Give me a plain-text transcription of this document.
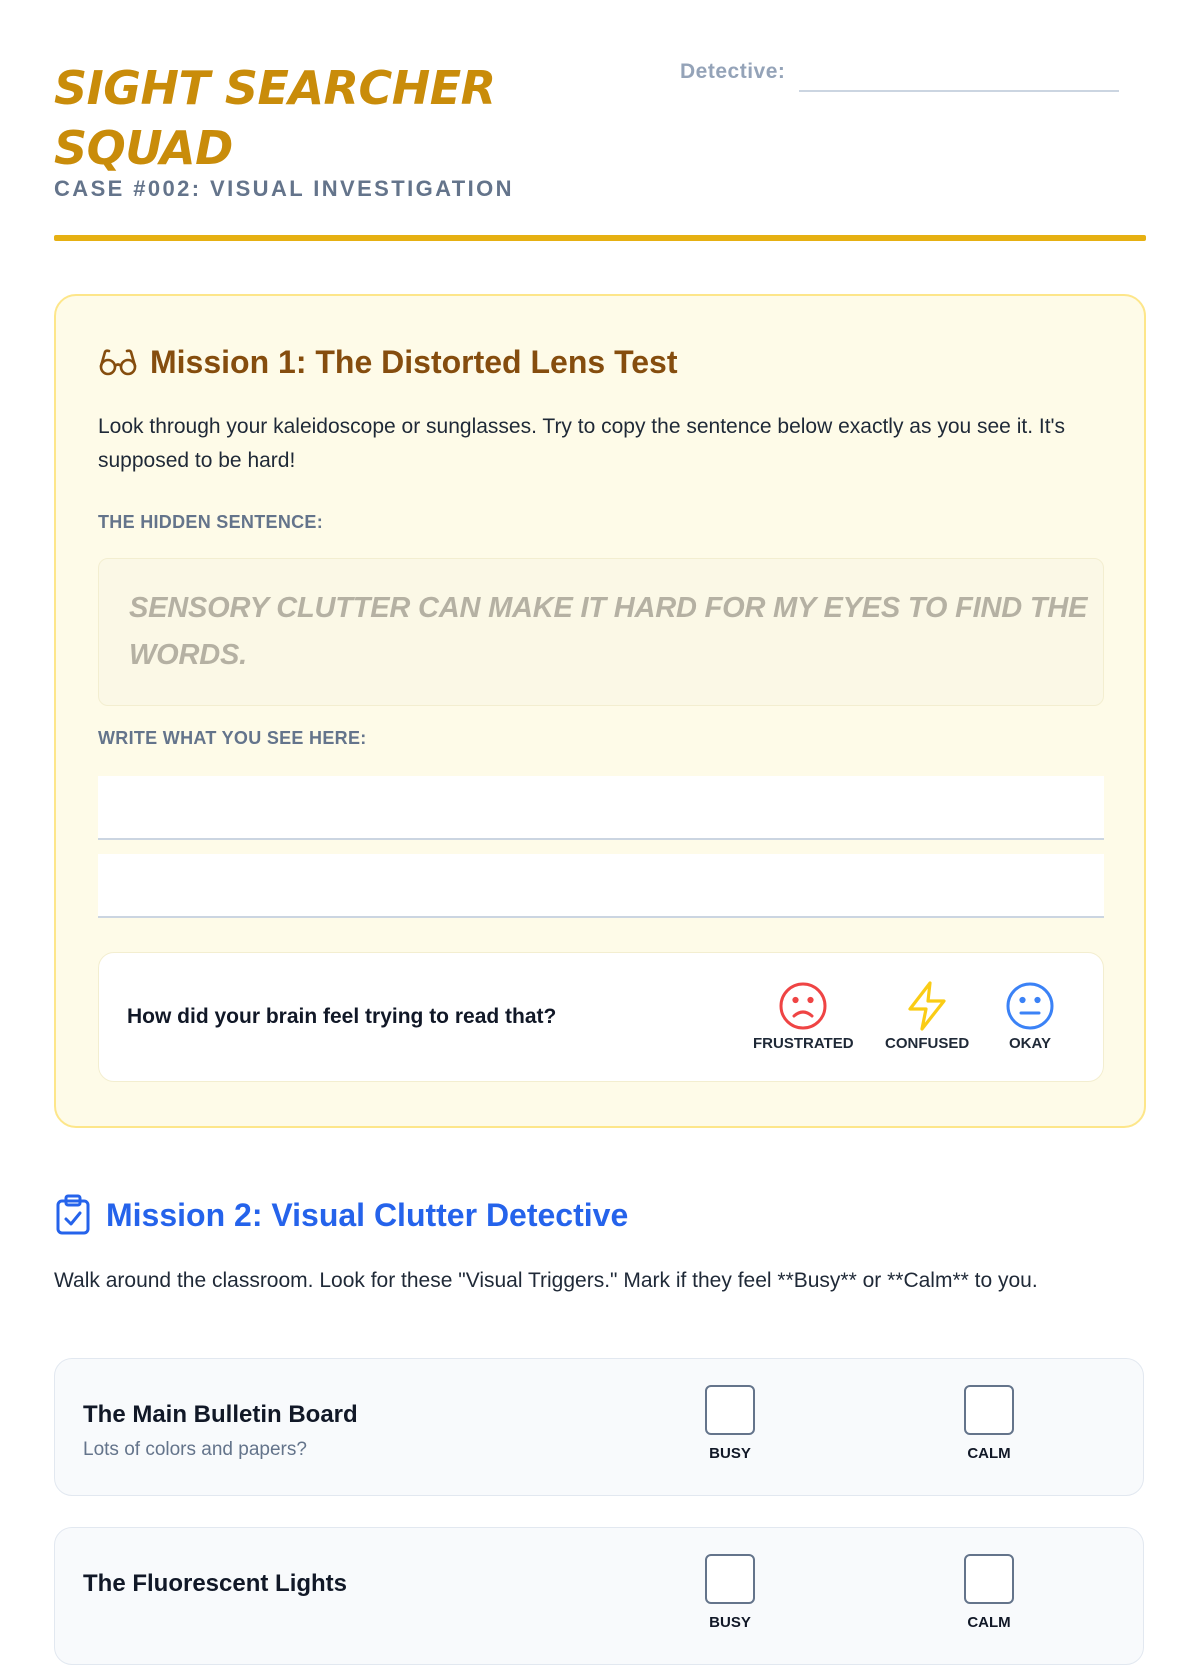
SIGHT SEARCHER SQUAD
CASE #002: VISUAL INVESTIGATION
Detective:
Mission 1: The Distorted Lens Test

Look through your kaleidoscope or sunglasses. Try to copy the sentence below exactly as you see it. It's supposed to be hard!

THE HIDDEN SENTENCE:
SENSORY CLUTTER CAN MAKE IT HARD FOR MY EYES TO FIND THE WORDS.
WRITE WHAT YOU SEE HERE:
How did your brain feel trying to read that?
FRUSTRATED CONFUSED	OKAY
Mission 2: Visual Clutter Detective

Walk around the classroom. Look for these "Visual Triggers." Mark if they feel **Busy** or **Calm** to you.

The Main Bulletin Board
Lots of colors and papers?	BUSY	CALM
The Fluorescent Lights
BUSY	CALM
